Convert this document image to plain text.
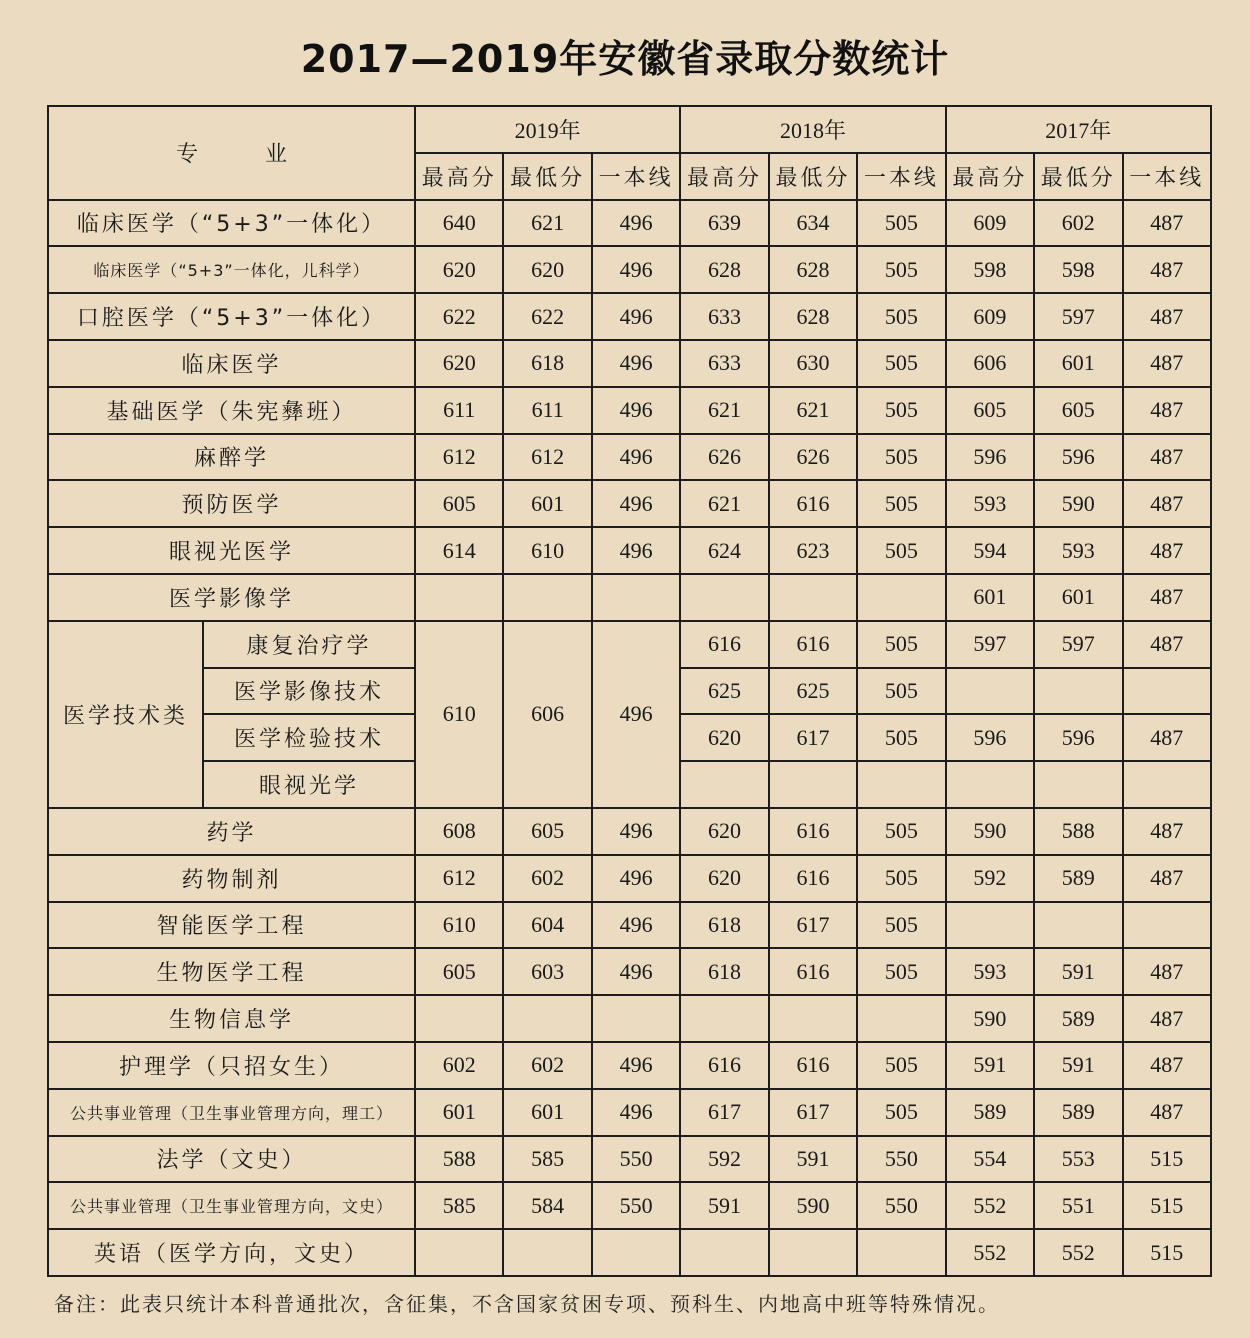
2017—2019年安徽省录取分数统计
专 业		2019年			2018年			2017年		
		最高分	最低分	一本线	最高分	最低分	一本线	最高分	最低分	一本线
临床医学（“5+3”一体化）		640	621	496	639	634	505	609	602	487
临床医学（“5+3”一体化，儿科学）		620	620	496	628	628	505	598	598	487
口腔医学（“5+3”一体化）		622	622	496	633	628	505	609	597	487
临床医学		620	618	496	633	630	505	606	601	487
基础医学（朱宪彝班）		611	611	496	621	621	505	605	605	487
麻醉学		612	612	496	626	626	505	596	596	487
预防医学		605	601	496	621	616	505	593	590	487
眼视光医学		614	610	496	624	623	505	594	593	487
医学影像学								601	601	487
医学技术类	康复治疗学	610	606	496	616	616	505	597	597	487
	医学影像技术				625	625	505			
	医学检验技术				620	617	505	596	596	487
	眼视光学									
药学		608	605	496	620	616	505	590	588	487
药物制剂		612	602	496	620	616	505	592	589	487
智能医学工程		610	604	496	618	617	505			
生物医学工程		605	603	496	618	616	505	593	591	487
生物信息学								590	589	487
护理学（只招女生）		602	602	496	616	616	505	591	591	487
公共事业管理（卫生事业管理方向，理工）		601	601	496	617	617	505	589	589	487
法学（文史）		588	585	550	592	591	550	554	553	515
公共事业管理（卫生事业管理方向，文史）		585	584	550	591	590	550	552	551	515
英语（医学方向，文史）								552	552	515
备注：此表只统计本科普通批次，含征集，不含国家贫困专项、预科生、内地高中班等特殊情况。
